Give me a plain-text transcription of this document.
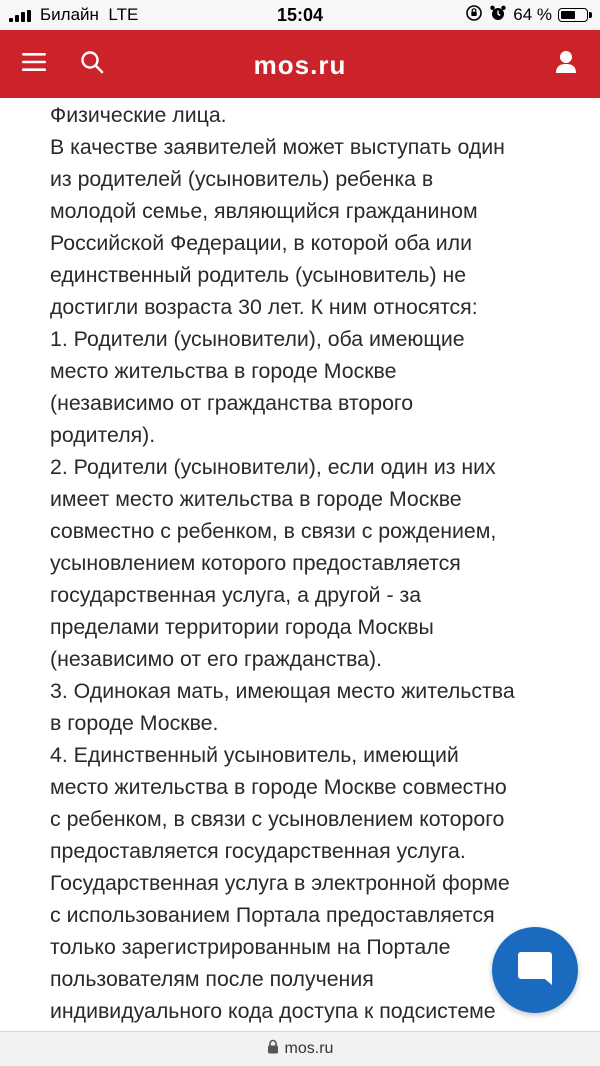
Билайн LTE	15:04	64 %
mos.ru

Физические лица.

В качестве заявителей может выступать один

из родителей (усыновитель) ребенка в

молодой семье, являющийся гражданином

Российской Федерации, в которой оба или

единственный родитель (усыновитель) не

достигли возраста 30 лет. К ним относятся:

1. Родители (усыновители), оба имеющие

место жительства в городе Москве

(независимо от гражданства второго

родителя).

2. Родители (усыновители), если один из них

имеет место жительства в городе Москве

совместно с ребенком, в связи с рождением,

усыновлением которого предоставляется

государственная услуга, а другой - за

пределами территории города Москвы

(независимо от его гражданства).

3. Одинокая мать, имеющая место жительства

в городе Москве.

4. Единственный усыновитель, имеющий

место жительства в городе Москве совместно

с ребенком, в связи с усыновлением которого

предоставляется государственная услуга.

Государственная услуга в электронной форме

с использованием Портала предоставляется

только зарегистрированным на Портале

пользователям после получения

индивидуального кода доступа к подсистеме

mos.ru
